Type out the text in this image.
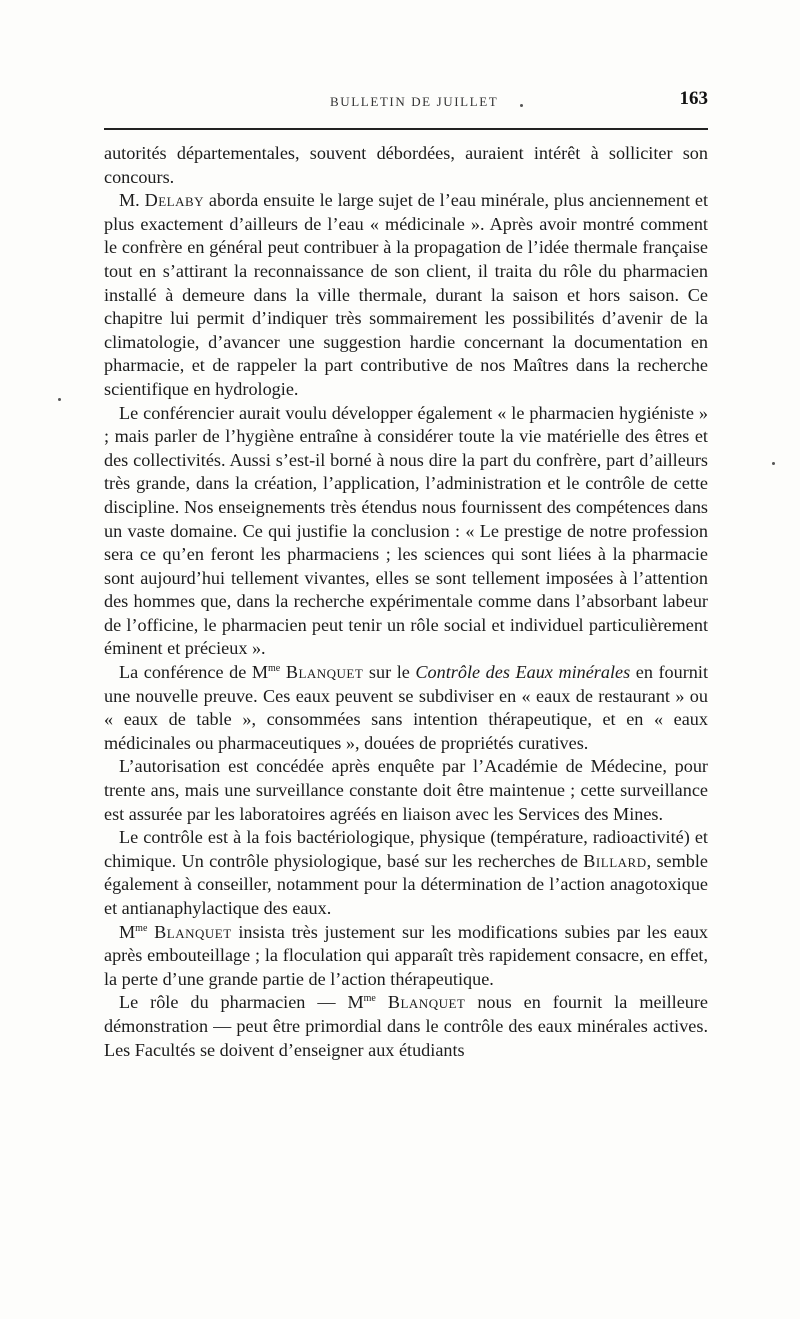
BULLETIN DE JUILLET	163

autorités départementales, souvent débordées, auraient intérêt à solliciter son concours.

M. Delaby aborda ensuite le large sujet de l’eau minérale, plus anciennement et plus exactement d’ailleurs de l’eau « médicinale ». Après avoir montré comment le confrère en général peut contribuer à la propagation de l’idée thermale française tout en s’attirant la reconnaissance de son client, il traita du rôle du pharmacien installé à demeure dans la ville thermale, durant la saison et hors saison. Ce chapitre lui permit d’indiquer très sommairement les possibilités d’avenir de la climatologie, d’avancer une suggestion hardie concernant la documentation en pharmacie, et de rappeler la part contributive de nos Maîtres dans la recherche scientifique en hydrologie.

Le conférencier aurait voulu développer également « le pharmacien hygiéniste » ; mais parler de l’hygiène entraîne à considérer toute la vie matérielle des êtres et des collectivités. Aussi s’est-il borné à nous dire la part du confrère, part d’ailleurs très grande, dans la création, l’application, l’administration et le contrôle de cette discipline. Nos enseignements très étendus nous fournissent des compétences dans un vaste domaine. Ce qui justifie la conclusion : « Le prestige de notre profession sera ce qu’en feront les pharmaciens ; les sciences qui sont liées à la pharmacie sont aujourd’hui tellement vivantes, elles se sont tellement imposées à l’attention des hommes que, dans la recherche expérimentale comme dans l’absorbant labeur de l’officine, le pharmacien peut tenir un rôle social et individuel particulièrement éminent et précieux ».

La conférence de $M^{me}$ Blanquet sur le Contrôle des Eaux minérales en fournit une nouvelle preuve. Ces eaux peuvent se subdiviser en « eaux de restaurant » ou « eaux de table », consommées sans intention thérapeutique, et en « eaux médicinales ou pharmaceutiques », douées de propriétés curatives.

L’autorisation est concédée après enquête par l’Académie de Médecine, pour trente ans, mais une surveillance constante doit être maintenue ; cette surveillance est assurée par les laboratoires agréés en liaison avec les Services des Mines.

Le contrôle est à la fois bactériologique, physique (température, radioactivité) et chimique. Un contrôle physiologique, basé sur les recherches de Billard, semble également à conseiller, notamment pour la détermination de l’action anagotoxique et antianaphylactique des eaux.

$M^{me}$ Blanquet insista très justement sur les modifications subies par les eaux après embouteillage ; la floculation qui apparaît très rapidement consacre, en effet, la perte d’une grande partie de l’action thérapeutique.

Le rôle du pharmacien — $M^{me}$ Blanquet nous en fournit la meilleure démonstration — peut être primordial dans le contrôle des eaux minérales actives. Les Facultés se doivent d’enseigner aux étudiants
